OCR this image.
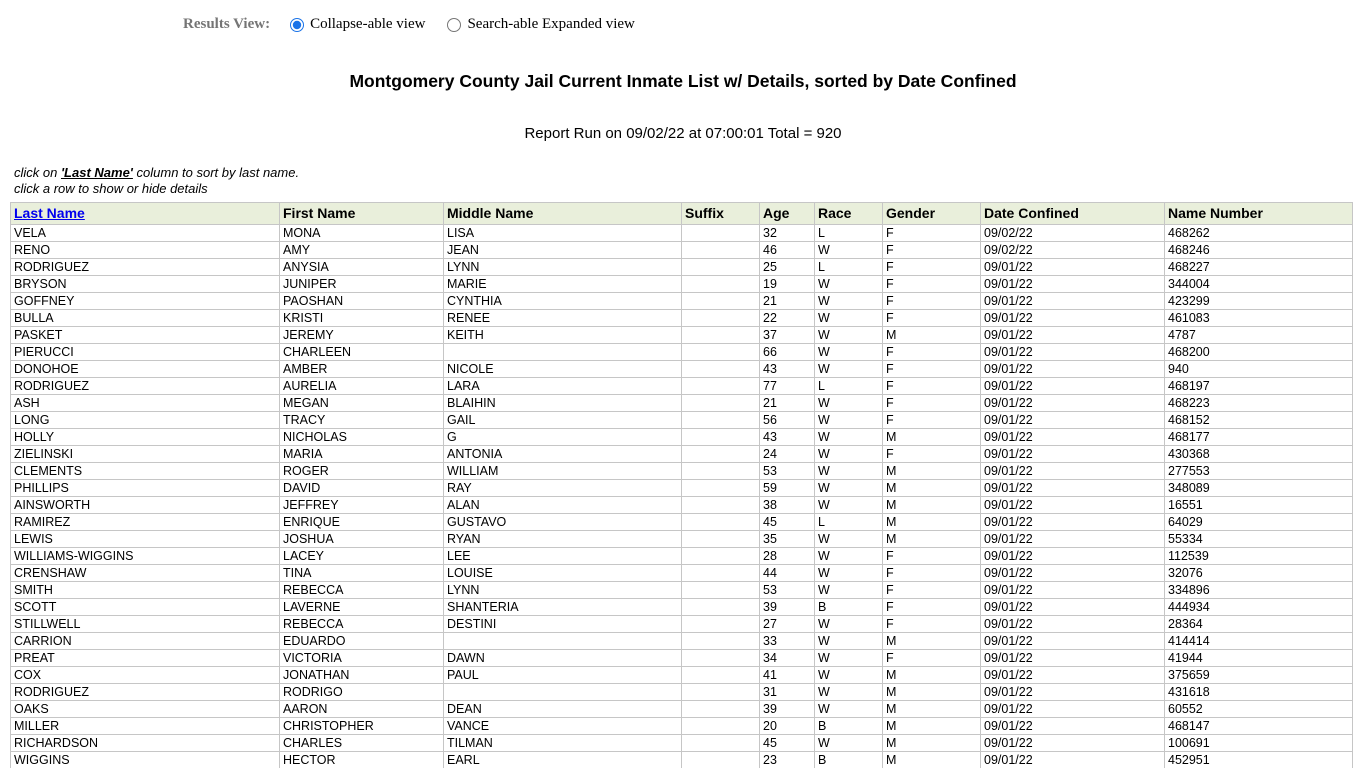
Results View:	Collapse-able view	Search-able Expanded view
Montgomery County Jail Current Inmate List w/ Details, sorted by Date Confined
Report Run on 09/02/22 at 07:00:01 Total = 920
click on 'Last Name' column to sort by last name.
click a row to show or hide details
Last Name	First Name	Middle Name	Suffix	Age	Race	Gender	Date Confined	Name Number
VELA	MONA	LISA		32	L	F	09/02/22	468262
RENO	AMY	JEAN		46	W	F	09/02/22	468246
RODRIGUEZ	ANYSIA	LYNN		25	L	F	09/01/22	468227
BRYSON	JUNIPER	MARIE		19	W	F	09/01/22	344004
GOFFNEY	PAOSHAN	CYNTHIA		21	W	F	09/01/22	423299
BULLA	KRISTI	RENEE		22	W	F	09/01/22	461083
PASKET	JEREMY	KEITH		37	W	M	09/01/22	4787
PIERUCCI	CHARLEEN			66	W	F	09/01/22	468200
DONOHOE	AMBER	NICOLE		43	W	F	09/01/22	940
RODRIGUEZ	AURELIA	LARA		77	L	F	09/01/22	468197
ASH	MEGAN	BLAIHIN		21	W	F	09/01/22	468223
LONG	TRACY	GAIL		56	W	F	09/01/22	468152
HOLLY	NICHOLAS	G		43	W	M	09/01/22	468177
ZIELINSKI	MARIA	ANTONIA		24	W	F	09/01/22	430368
CLEMENTS	ROGER	WILLIAM		53	W	M	09/01/22	277553
PHILLIPS	DAVID	RAY		59	W	M	09/01/22	348089
AINSWORTH	JEFFREY	ALAN		38	W	M	09/01/22	16551
RAMIREZ	ENRIQUE	GUSTAVO		45	L	M	09/01/22	64029
LEWIS	JOSHUA	RYAN		35	W	M	09/01/22	55334
WILLIAMS-WIGGINS	LACEY	LEE		28	W	F	09/01/22	112539
CRENSHAW	TINA	LOUISE		44	W	F	09/01/22	32076
SMITH	REBECCA	LYNN		53	W	F	09/01/22	334896
SCOTT	LAVERNE	SHANTERIA		39	B	F	09/01/22	444934
STILLWELL	REBECCA	DESTINI		27	W	F	09/01/22	28364
CARRION	EDUARDO			33	W	M	09/01/22	414414
PREAT	VICTORIA	DAWN		34	W	F	09/01/22	41944
COX	JONATHAN	PAUL		41	W	M	09/01/22	375659
RODRIGUEZ	RODRIGO			31	W	M	09/01/22	431618
OAKS	AARON	DEAN		39	W	M	09/01/22	60552
MILLER	CHRISTOPHER	VANCE		20	B	M	09/01/22	468147
RICHARDSON	CHARLES	TILMAN		45	W	M	09/01/22	100691
WIGGINS	HECTOR	EARL		23	B	M	09/01/22	452951
